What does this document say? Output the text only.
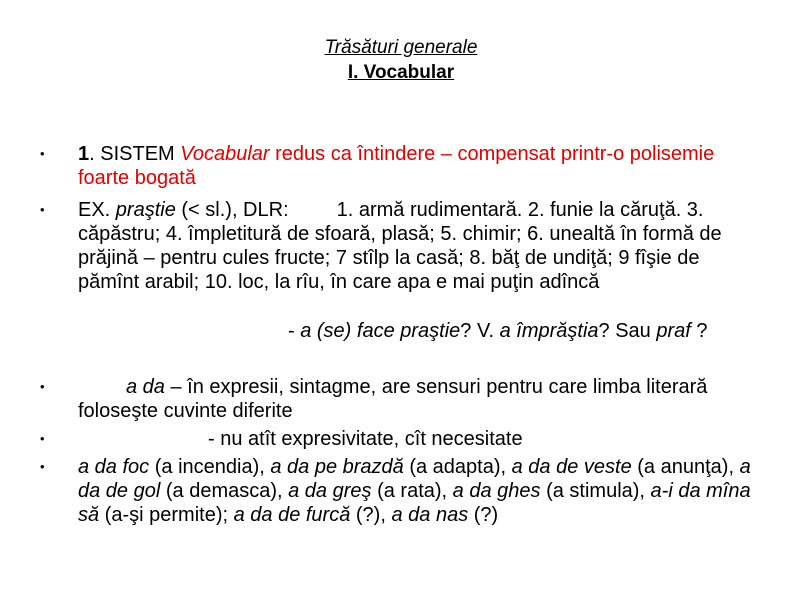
Trăsături generale
I. Vocabular
•	1. SISTEM Vocabular redus ca întindere – compensat printr-o polisemie foarte bogată
•	EX. praştie (< sl.), DLR: 1. armă rudimentară. 2. funie la căruţă. 3. căpăstru; 4. împletitură de sfoară, plasă; 5. chimir; 6. unealtă în formă de prăjină – pentru cules fructe; 7 stîlp la casă; 8. băţ de undiţă; 9 fîşie de pămînt arabil; 10. loc, la rîu, în care apa e mai puţin adîncă
- a (se) face praştie? V. a împrăştia? Sau praf ?
•	a da – în expresii, sintagme, are sensuri pentru care limba literară foloseşte cuvinte diferite
•	- nu atît expresivitate, cît necesitate
•	a da foc (a incendia), a da pe brazdă (a adapta), a da de veste (a anunţa), a da de gol (a demasca), a da greş (a rata), a da ghes (a stimula), a-i da mîna să (a-şi permite); a da de furcă (?), a da nas (?)
